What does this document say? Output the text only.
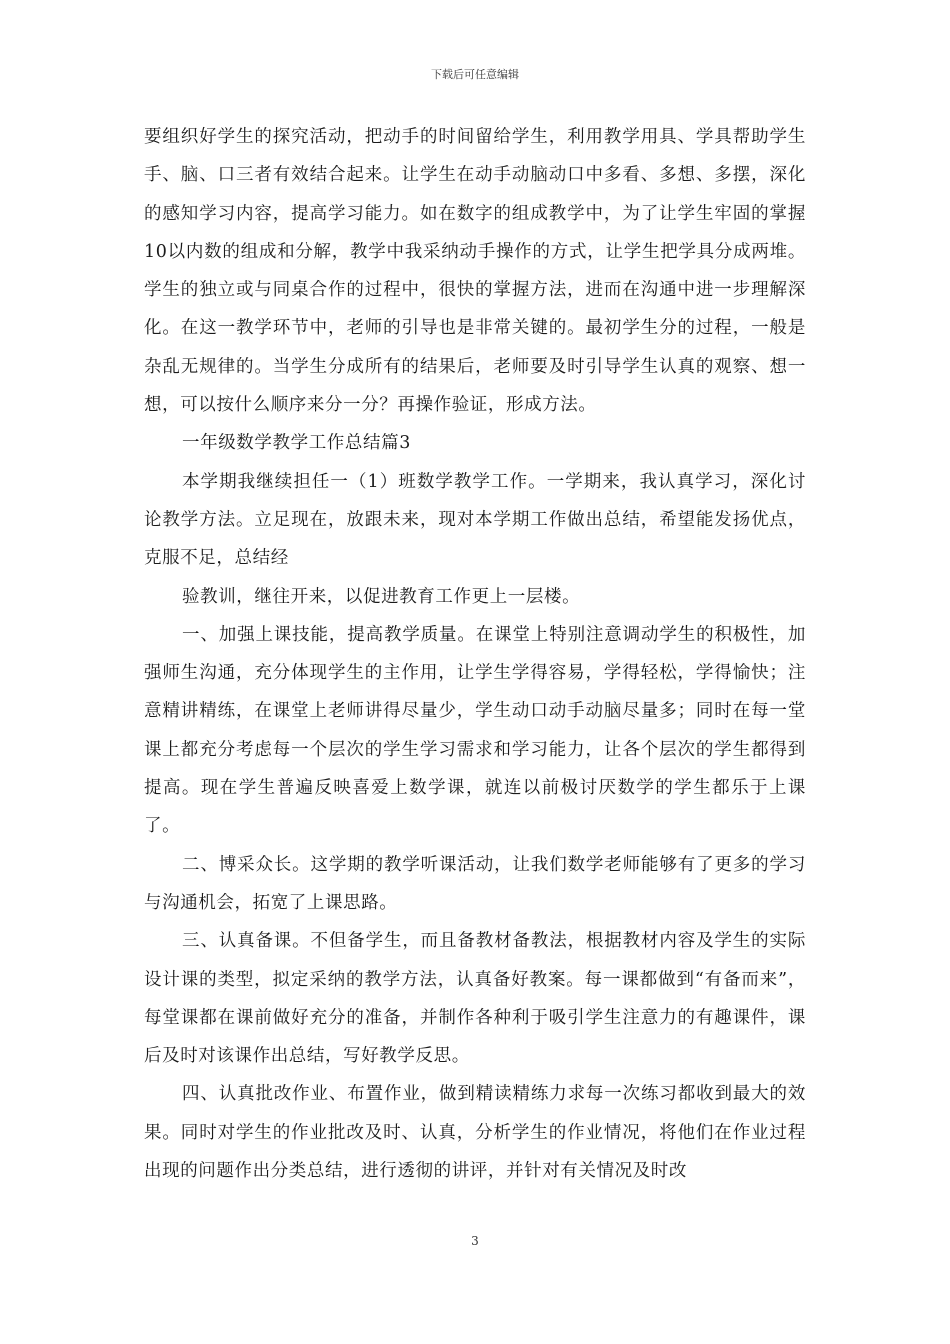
下载后可任意编辑

要组织好学生的探究活动，把动手的时间留给学生，利用教学用具、学具帮助学生手、脑、口三者有效结合起来。让学生在动手动脑动口中多看、多想、多摆，深化的感知学习内容，提高学习能力。如在数字的组成教学中，为了让学生牢固的掌握10以内数的组成和分解，教学中我采纳动手操作的方式，让学生把学具分成两堆。学生的独立或与同桌合作的过程中，很快的掌握方法，进而在沟通中进一步理解深化。在这一教学环节中，老师的引导也是非常关键的。最初学生分的过程，一般是杂乱无规律的。当学生分成所有的结果后，老师要及时引导学生认真的观察、想一想，可以按什么顺序来分一分？再操作验证，形成方法。

一年级数学教学工作总结篇3

本学期我继续担任一（1）班数学教学工作。一学期来，我认真学习，深化讨论教学方法。立足现在，放跟未来，现对本学期工作做出总结，希望能发扬优点，克服不足，总结经

验教训，继往开来，以促进教育工作更上一层楼。

一、加强上课技能，提高教学质量。在课堂上特别注意调动学生的积极性，加强师生沟通，充分体现学生的主作用，让学生学得容易，学得轻松，学得愉快；注意精讲精练，在课堂上老师讲得尽量少，学生动口动手动脑尽量多；同时在每一堂课上都充分考虑每一个层次的学生学习需求和学习能力，让各个层次的学生都得到提高。现在学生普遍反映喜爱上数学课，就连以前极讨厌数学的学生都乐于上课了。

二、博采众长。这学期的教学听课活动，让我们数学老师能够有了更多的学习与沟通机会，拓宽了上课思路。

三、认真备课。不但备学生，而且备教材备教法，根据教材内容及学生的实际设计课的类型，拟定采纳的教学方法，认真备好教案。每一课都做到“有备而来”，每堂课都在课前做好充分的准备，并制作各种利于吸引学生注意力的有趣课件，课后及时对该课作出总结，写好教学反思。

四、认真批改作业、布置作业，做到精读精练力求每一次练习都收到最大的效果。同时对学生的作业批改及时、认真，分析学生的作业情况，将他们在作业过程出现的问题作出分类总结，进行透彻的讲评，并针对有关情况及时改

3
